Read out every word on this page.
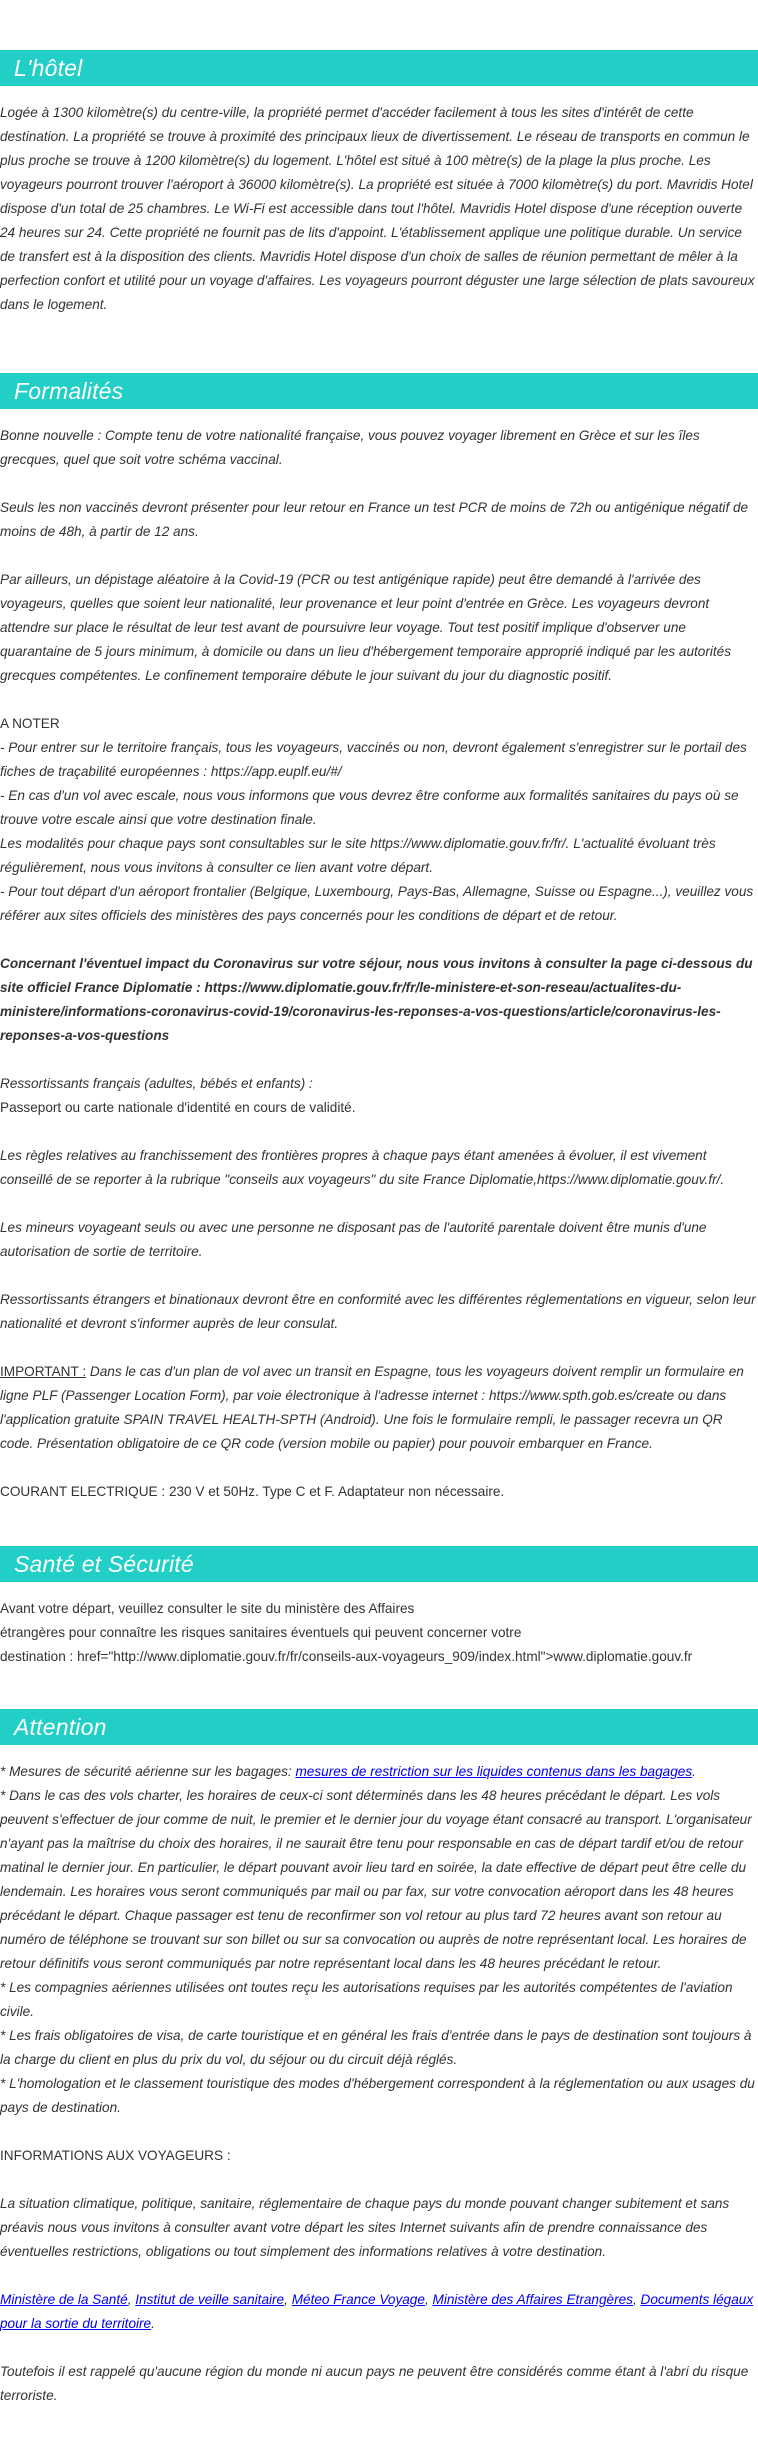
L'hôtel

Logée à 1300 kilomètre(s) du centre-ville, la propriété permet d'accéder facilement à tous les sites d'intérêt de cette destination. La propriété se trouve à proximité des principaux lieux de divertissement. Le réseau de transports en commun le plus proche se trouve à 1200 kilomètre(s) du logement. L'hôtel est situé à 100 mètre(s) de la plage la plus proche. Les voyageurs pourront trouver l'aéroport à 36000 kilomètre(s). La propriété est située à 7000 kilomètre(s) du port. Mavridis Hotel dispose d'un total de 25 chambres. Le Wi-Fi est accessible dans tout l'hôtel. Mavridis Hotel dispose d'une réception ouverte 24 heures sur 24. Cette propriété ne fournit pas de lits d'appoint. L'établissement applique une politique durable. Un service de transfert est à la disposition des clients. Mavridis Hotel dispose d'un choix de salles de réunion permettant de mêler à la perfection confort et utilité pour un voyage d'affaires. Les voyageurs pourront déguster une large sélection de plats savoureux dans le logement.

Formalités

Bonne nouvelle : Compte tenu de votre nationalité française, vous pouvez voyager librement en Grèce et sur les îles grecques, quel que soit votre schéma vaccinal.

Seuls les non vaccinés devront présenter pour leur retour en France un test PCR de moins de 72h ou antigénique négatif de moins de 48h, à partir de 12 ans.

Par ailleurs, un dépistage aléatoire à la Covid-19 (PCR ou test antigénique rapide) peut être demandé à l'arrivée des voyageurs, quelles que soient leur nationalité, leur provenance et leur point d'entrée en Grèce. Les voyageurs devront attendre sur place le résultat de leur test avant de poursuivre leur voyage. Tout test positif implique d'observer une quarantaine de 5 jours minimum, à domicile ou dans un lieu d'hébergement temporaire approprié indiqué par les autorités grecques compétentes. Le confinement temporaire débute le jour suivant du jour du diagnostic positif.

A NOTER
- Pour entrer sur le territoire français, tous les voyageurs, vaccinés ou non, devront également s'enregistrer sur le portail des fiches de traçabilité européennes : https://app.euplf.eu/#/
- En cas d'un vol avec escale, nous vous informons que vous devrez être conforme aux formalités sanitaires du pays où se trouve votre escale ainsi que votre destination finale.
Les modalités pour chaque pays sont consultables sur le site https://www.diplomatie.gouv.fr/fr/. L'actualité évoluant très régulièrement, nous vous invitons à consulter ce lien avant votre départ.
- Pour tout départ d'un aéroport frontalier (Belgique, Luxembourg, Pays-Bas, Allemagne, Suisse ou Espagne...), veuillez vous référer aux sites officiels des ministères des pays concernés pour les conditions de départ et de retour.

Concernant l'éventuel impact du Coronavirus sur votre séjour, nous vous invitons à consulter la page ci-dessous du site officiel France Diplomatie : https://www.diplomatie.gouv.fr/fr/le-ministere-et-son-reseau/actualites-du-ministere/informations-coronavirus-covid-19/coronavirus-les-reponses-a-vos-questions/article/coronavirus-les-reponses-a-vos-questions

Ressortissants français (adultes, bébés et enfants) :
Passeport ou carte nationale d'identité en cours de validité.

Les règles relatives au franchissement des frontières propres à chaque pays étant amenées à évoluer, il est vivement conseillé de se reporter à la rubrique "conseils aux voyageurs" du site France Diplomatie,https://www.diplomatie.gouv.fr/.

Les mineurs voyageant seuls ou avec une personne ne disposant pas de l'autorité parentale doivent être munis d'une autorisation de sortie de territoire.

Ressortissants étrangers et binationaux devront être en conformité avec les différentes réglementations en vigueur, selon leur nationalité et devront s'informer auprès de leur consulat.

IMPORTANT : Dans le cas d'un plan de vol avec un transit en Espagne, tous les voyageurs doivent remplir un formulaire en ligne PLF (Passenger Location Form), par voie électronique à l'adresse internet : https://www.spth.gob.es/create ou dans l'application gratuite SPAIN TRAVEL HEALTH-SPTH (Android). Une fois le formulaire rempli, le passager recevra un QR code. Présentation obligatoire de ce QR code (version mobile ou papier) pour pouvoir embarquer en France.

COURANT ELECTRIQUE : 230 V et 50Hz. Type C et F. Adaptateur non nécessaire.

Santé et Sécurité
Avant votre départ, veuillez consulter le site du ministère des Affaires
étrangères pour connaître les risques sanitaires éventuels qui peuvent concerner votre
destination : href="http://www.diplomatie.gouv.fr/fr/conseils-aux-voyageurs_909/index.html">www.diplomatie.gouv.fr
Attention
* Mesures de sécurité aérienne sur les bagages: mesures de restriction sur les liquides contenus dans les bagages.
* Dans le cas des vols charter, les horaires de ceux-ci sont déterminés dans les 48 heures précédant le départ. Les vols peuvent s'effectuer de jour comme de nuit, le premier et le dernier jour du voyage étant consacré au transport. L'organisateur n'ayant pas la maîtrise du choix des horaires, il ne saurait être tenu pour responsable en cas de départ tardif et/ou de retour matinal le dernier jour. En particulier, le départ pouvant avoir lieu tard en soirée, la date effective de départ peut être celle du lendemain. Les horaires vous seront communiqués par mail ou par fax, sur votre convocation aéroport dans les 48 heures précédant le départ. Chaque passager est tenu de reconfirmer son vol retour au plus tard 72 heures avant son retour au numéro de téléphone se trouvant sur son billet ou sur sa convocation ou auprès de notre représentant local. Les horaires de retour définitifs vous seront communiqués par notre représentant local dans les 48 heures précédant le retour.
* Les compagnies aériennes utilisées ont toutes reçu les autorisations requises par les autorités compétentes de l'aviation civile.
* Les frais obligatoires de visa, de carte touristique et en général les frais d'entrée dans le pays de destination sont toujours à la charge du client en plus du prix du vol, du séjour ou du circuit déjà réglés.
* L'homologation et le classement touristique des modes d'hébergement correspondent à la réglementation ou aux usages du pays de destination.

INFORMATIONS AUX VOYAGEURS :

La situation climatique, politique, sanitaire, réglementaire de chaque pays du monde pouvant changer subitement et sans préavis nous vous invitons à consulter avant votre départ les sites Internet suivants afin de prendre connaissance des éventuelles restrictions, obligations ou tout simplement des informations relatives à votre destination.

Ministère de la Santé, Institut de veille sanitaire, Méteo France Voyage, Ministère des Affaires Etrangères, Documents légaux pour la sortie du territoire.

Toutefois il est rappelé qu'aucune région du monde ni aucun pays ne peuvent être considérés comme étant à l'abri du risque terroriste.
